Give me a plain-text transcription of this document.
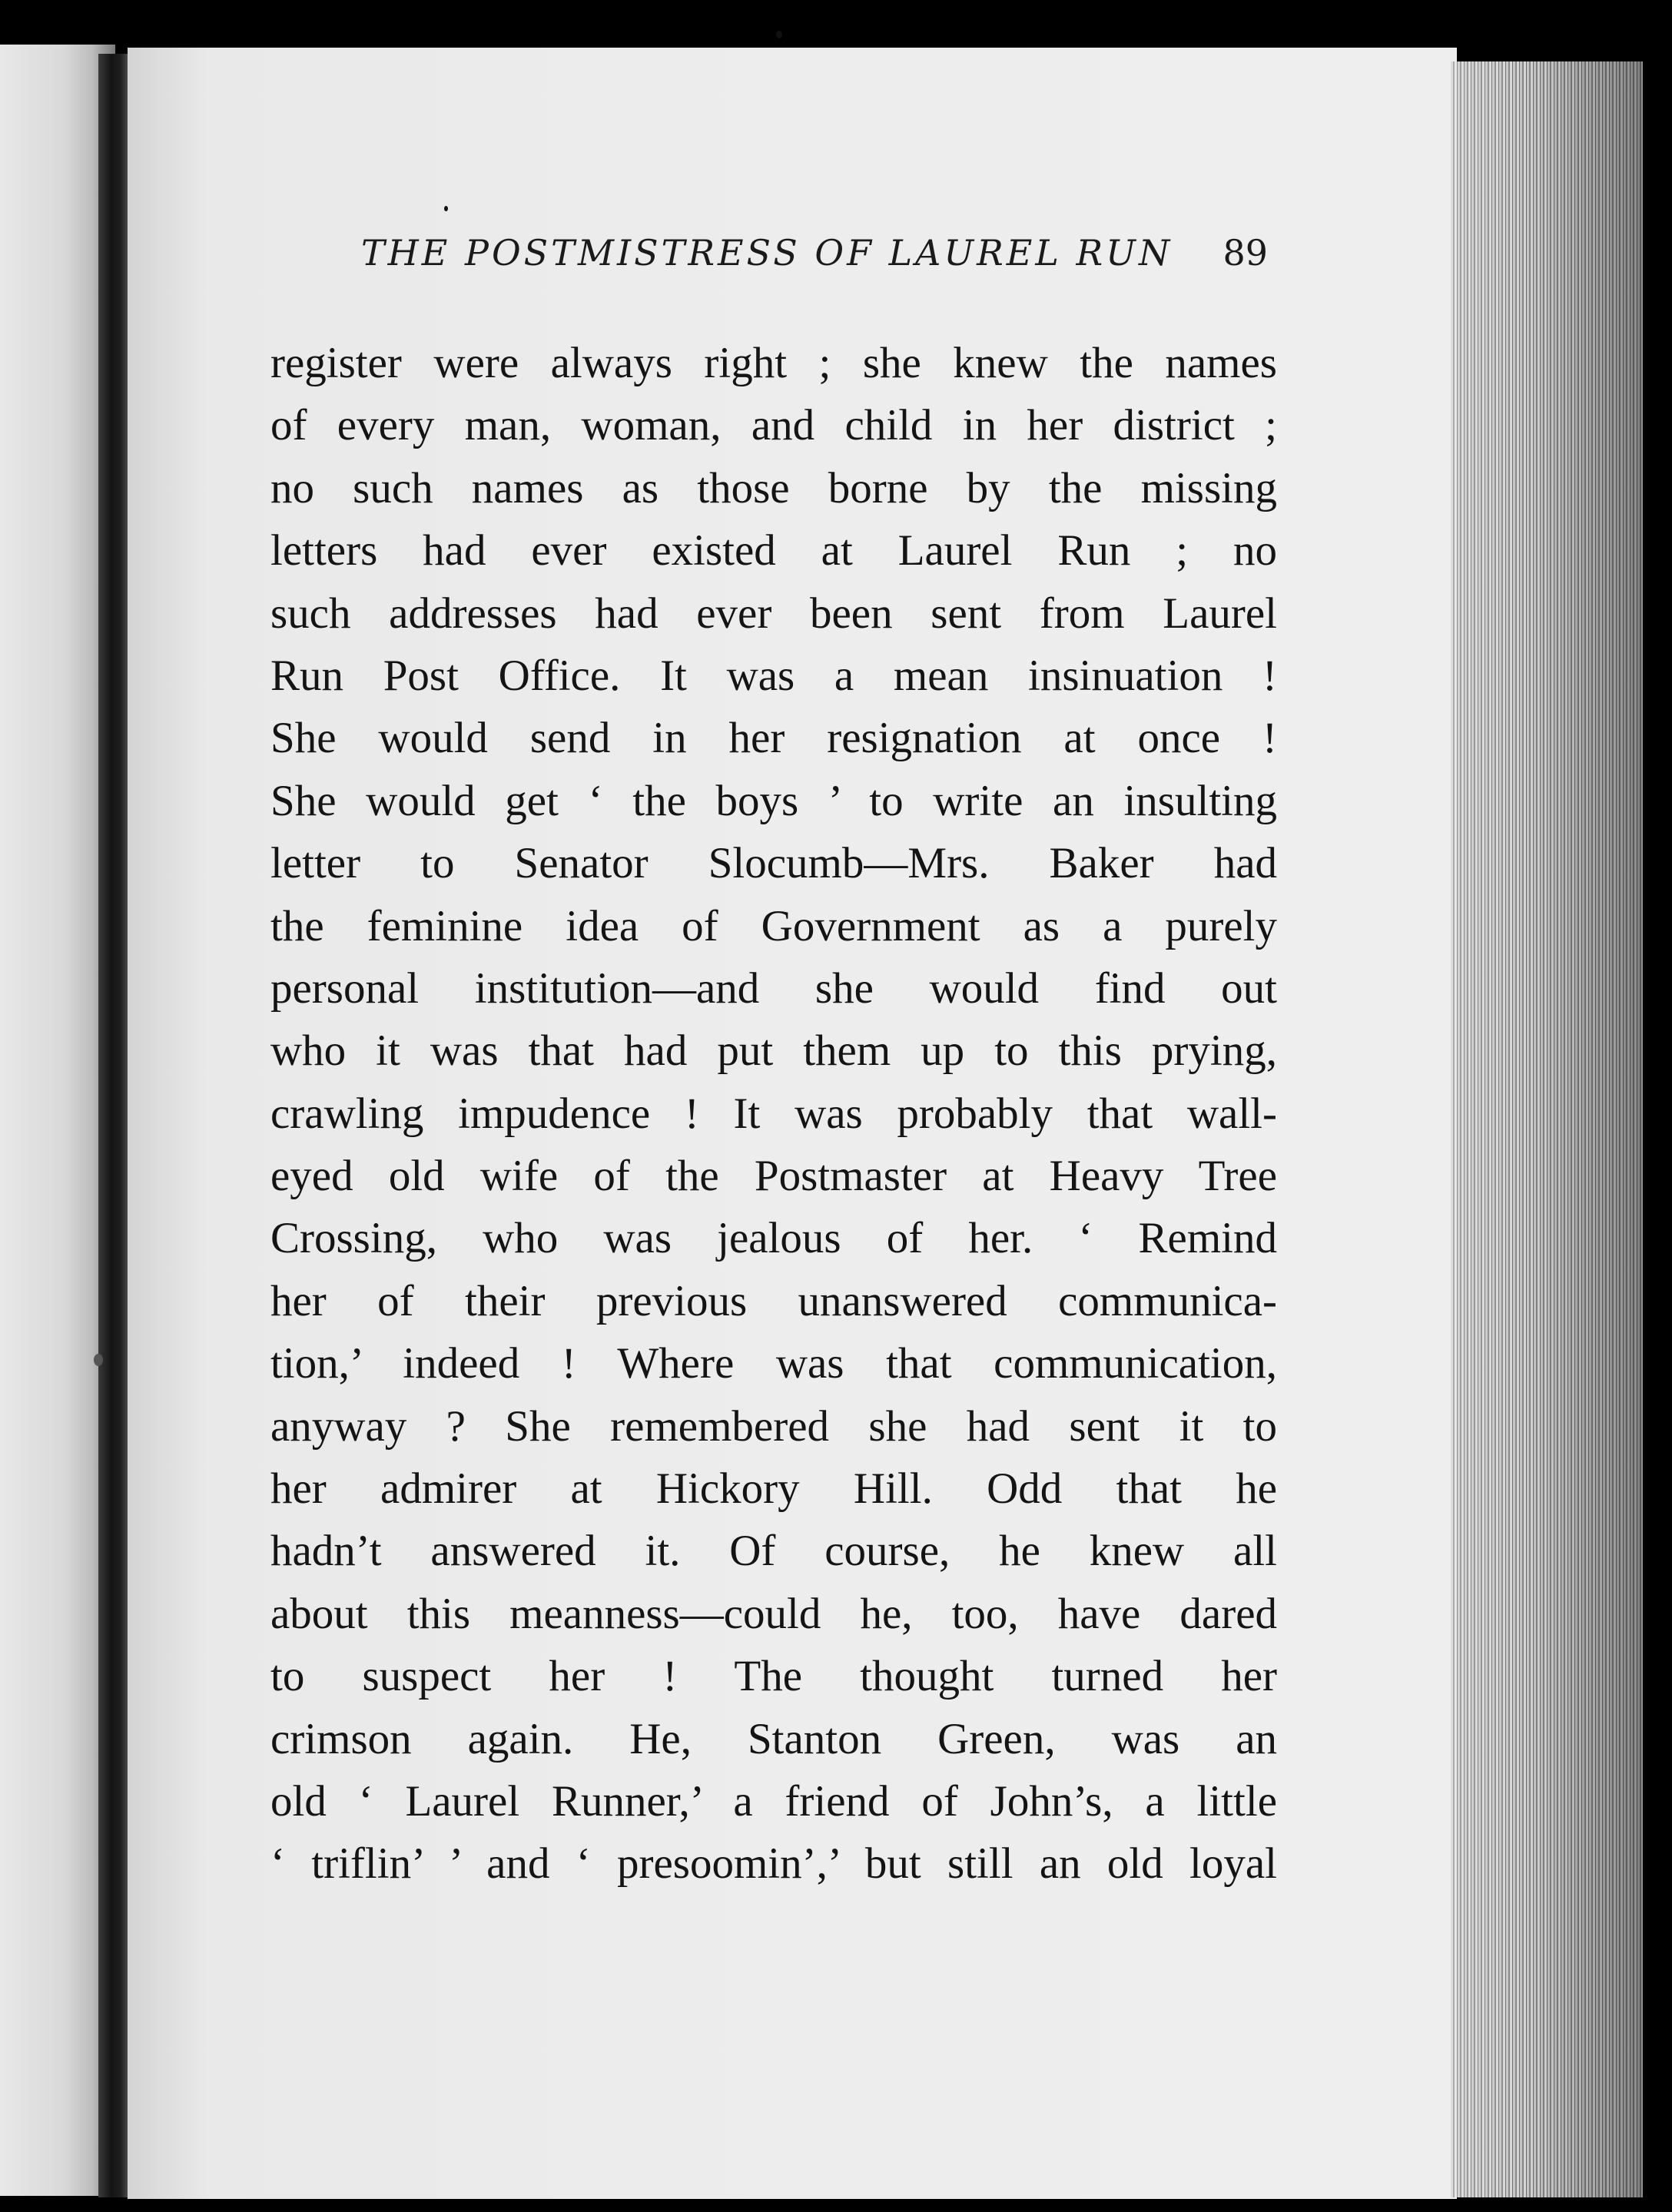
THE POSTMISTRESS OF LAUREL RUN 89
register were always right ; she knew the names
of every man, woman, and child in her district ;
no such names as those borne by the missing
letters had ever existed at Laurel Run ; no
such addresses had ever been sent from Laurel
Run Post Office. It was a mean insinuation !
She would send in her resignation at once !
She would get ‘ the boys ’ to write an insulting
letter to Senator Slocumb—Mrs. Baker had
the feminine idea of Government as a purely
personal institution—and she would find out
who it was that had put them up to this prying,
crawling impudence ! It was probably that wall-
eyed old wife of the Postmaster at Heavy Tree
Crossing, who was jealous of her. ‘ Remind
her of their previous unanswered communica-
tion,’ indeed ! Where was that communication,
anyway ? She remembered she had sent it to
her admirer at Hickory Hill. Odd that he
hadn’t answered it. Of course, he knew all
about this meanness—could he, too, have dared
to suspect her ! The thought turned her
crimson again. He, Stanton Green, was an
old ‘ Laurel Runner,’ a friend of John’s, a little
‘ triflin’ ’ and ‘ presoomin’,’ but still an old loyal
